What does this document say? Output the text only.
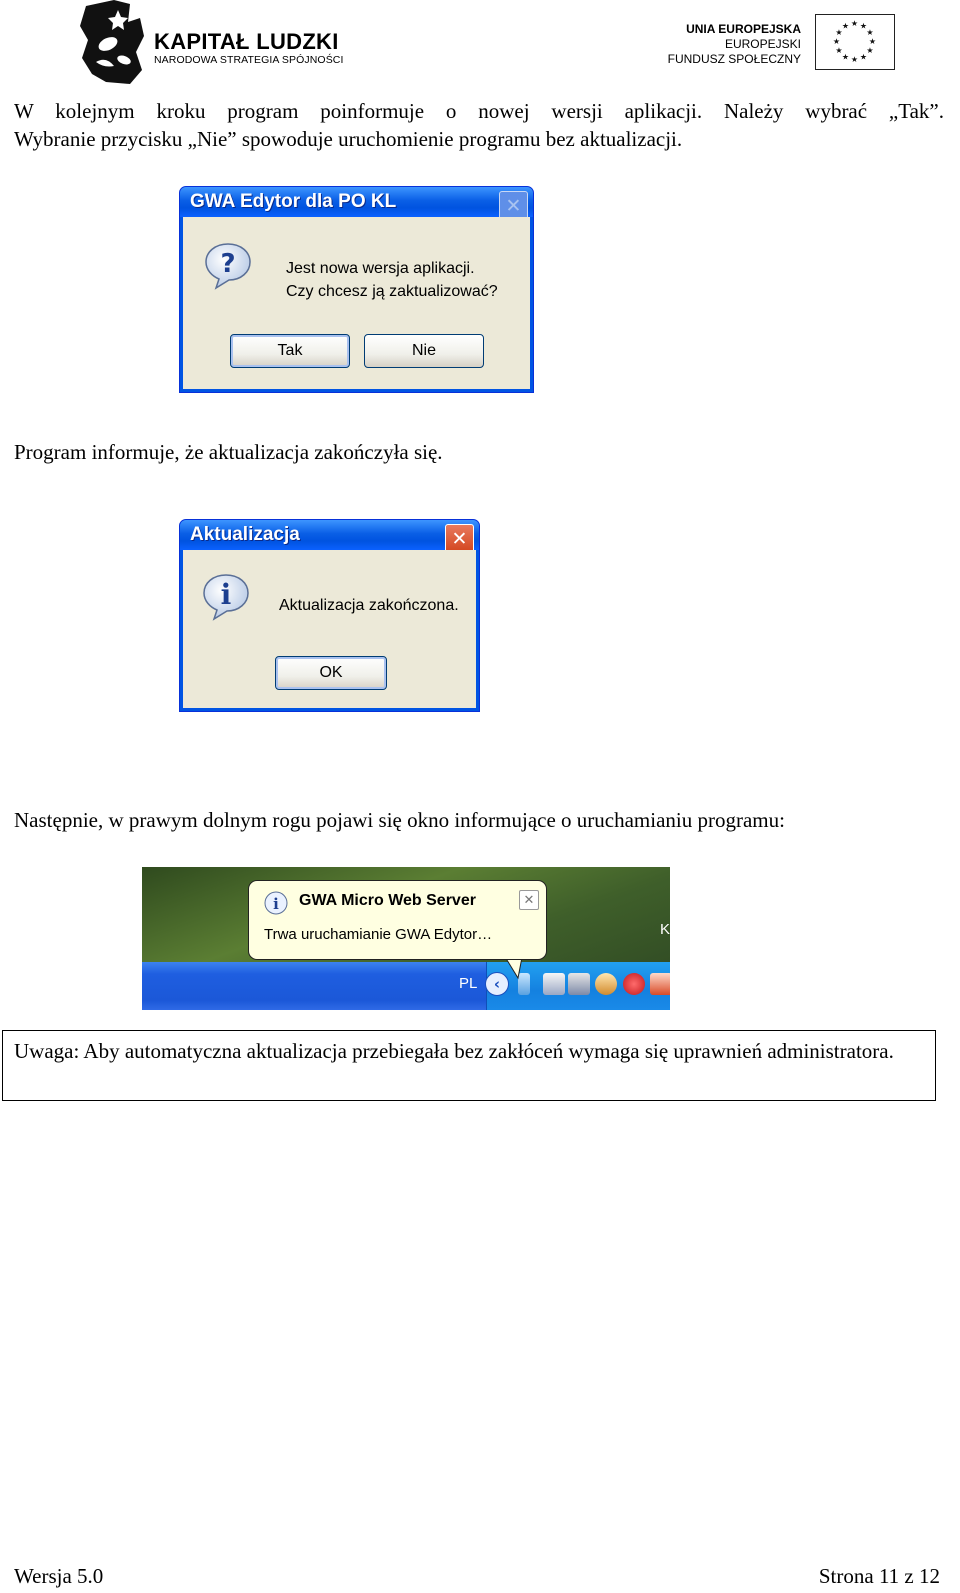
KAPITAŁ LUDZKI
NARODOWA STRATEGIA SPÓJNOŚCI
UNIA EUROPEJSKA
EUROPEJSKI
FUNDUSZ SPOŁECZNY
★ ★
★
★
★
★
★
★
★
★
★
★
W kolejnym kroku program poinformuje o nowej wersji aplikacji. Należy wybrać „Tak”.
Wybranie przycisku „Nie” spowoduje uruchomienie programu bez aktualizacji.
GWA Edytor dla PO KL	✕
?	Jest nowa wersja aplikacji.
Czy chcesz ją zaktualizować?
Tak	Nie
Program informuje, że aktualizacja zakończyła się.
Aktualizacja	✕
i	Aktualizacja zakończona.
OK
Następnie, w prawym dolnym rogu pojawi się okno informujące o uruchamianiu programu:
K
PL	‹
i GWA Micro Web Server	✕
Trwa uruchamianie GWA Edytor…
Uwaga: Aby automatyczna aktualizacja przebiegała bez zakłóceń wymaga się uprawnień administratora.
Wersja 5.0	Strona 11 z 12
